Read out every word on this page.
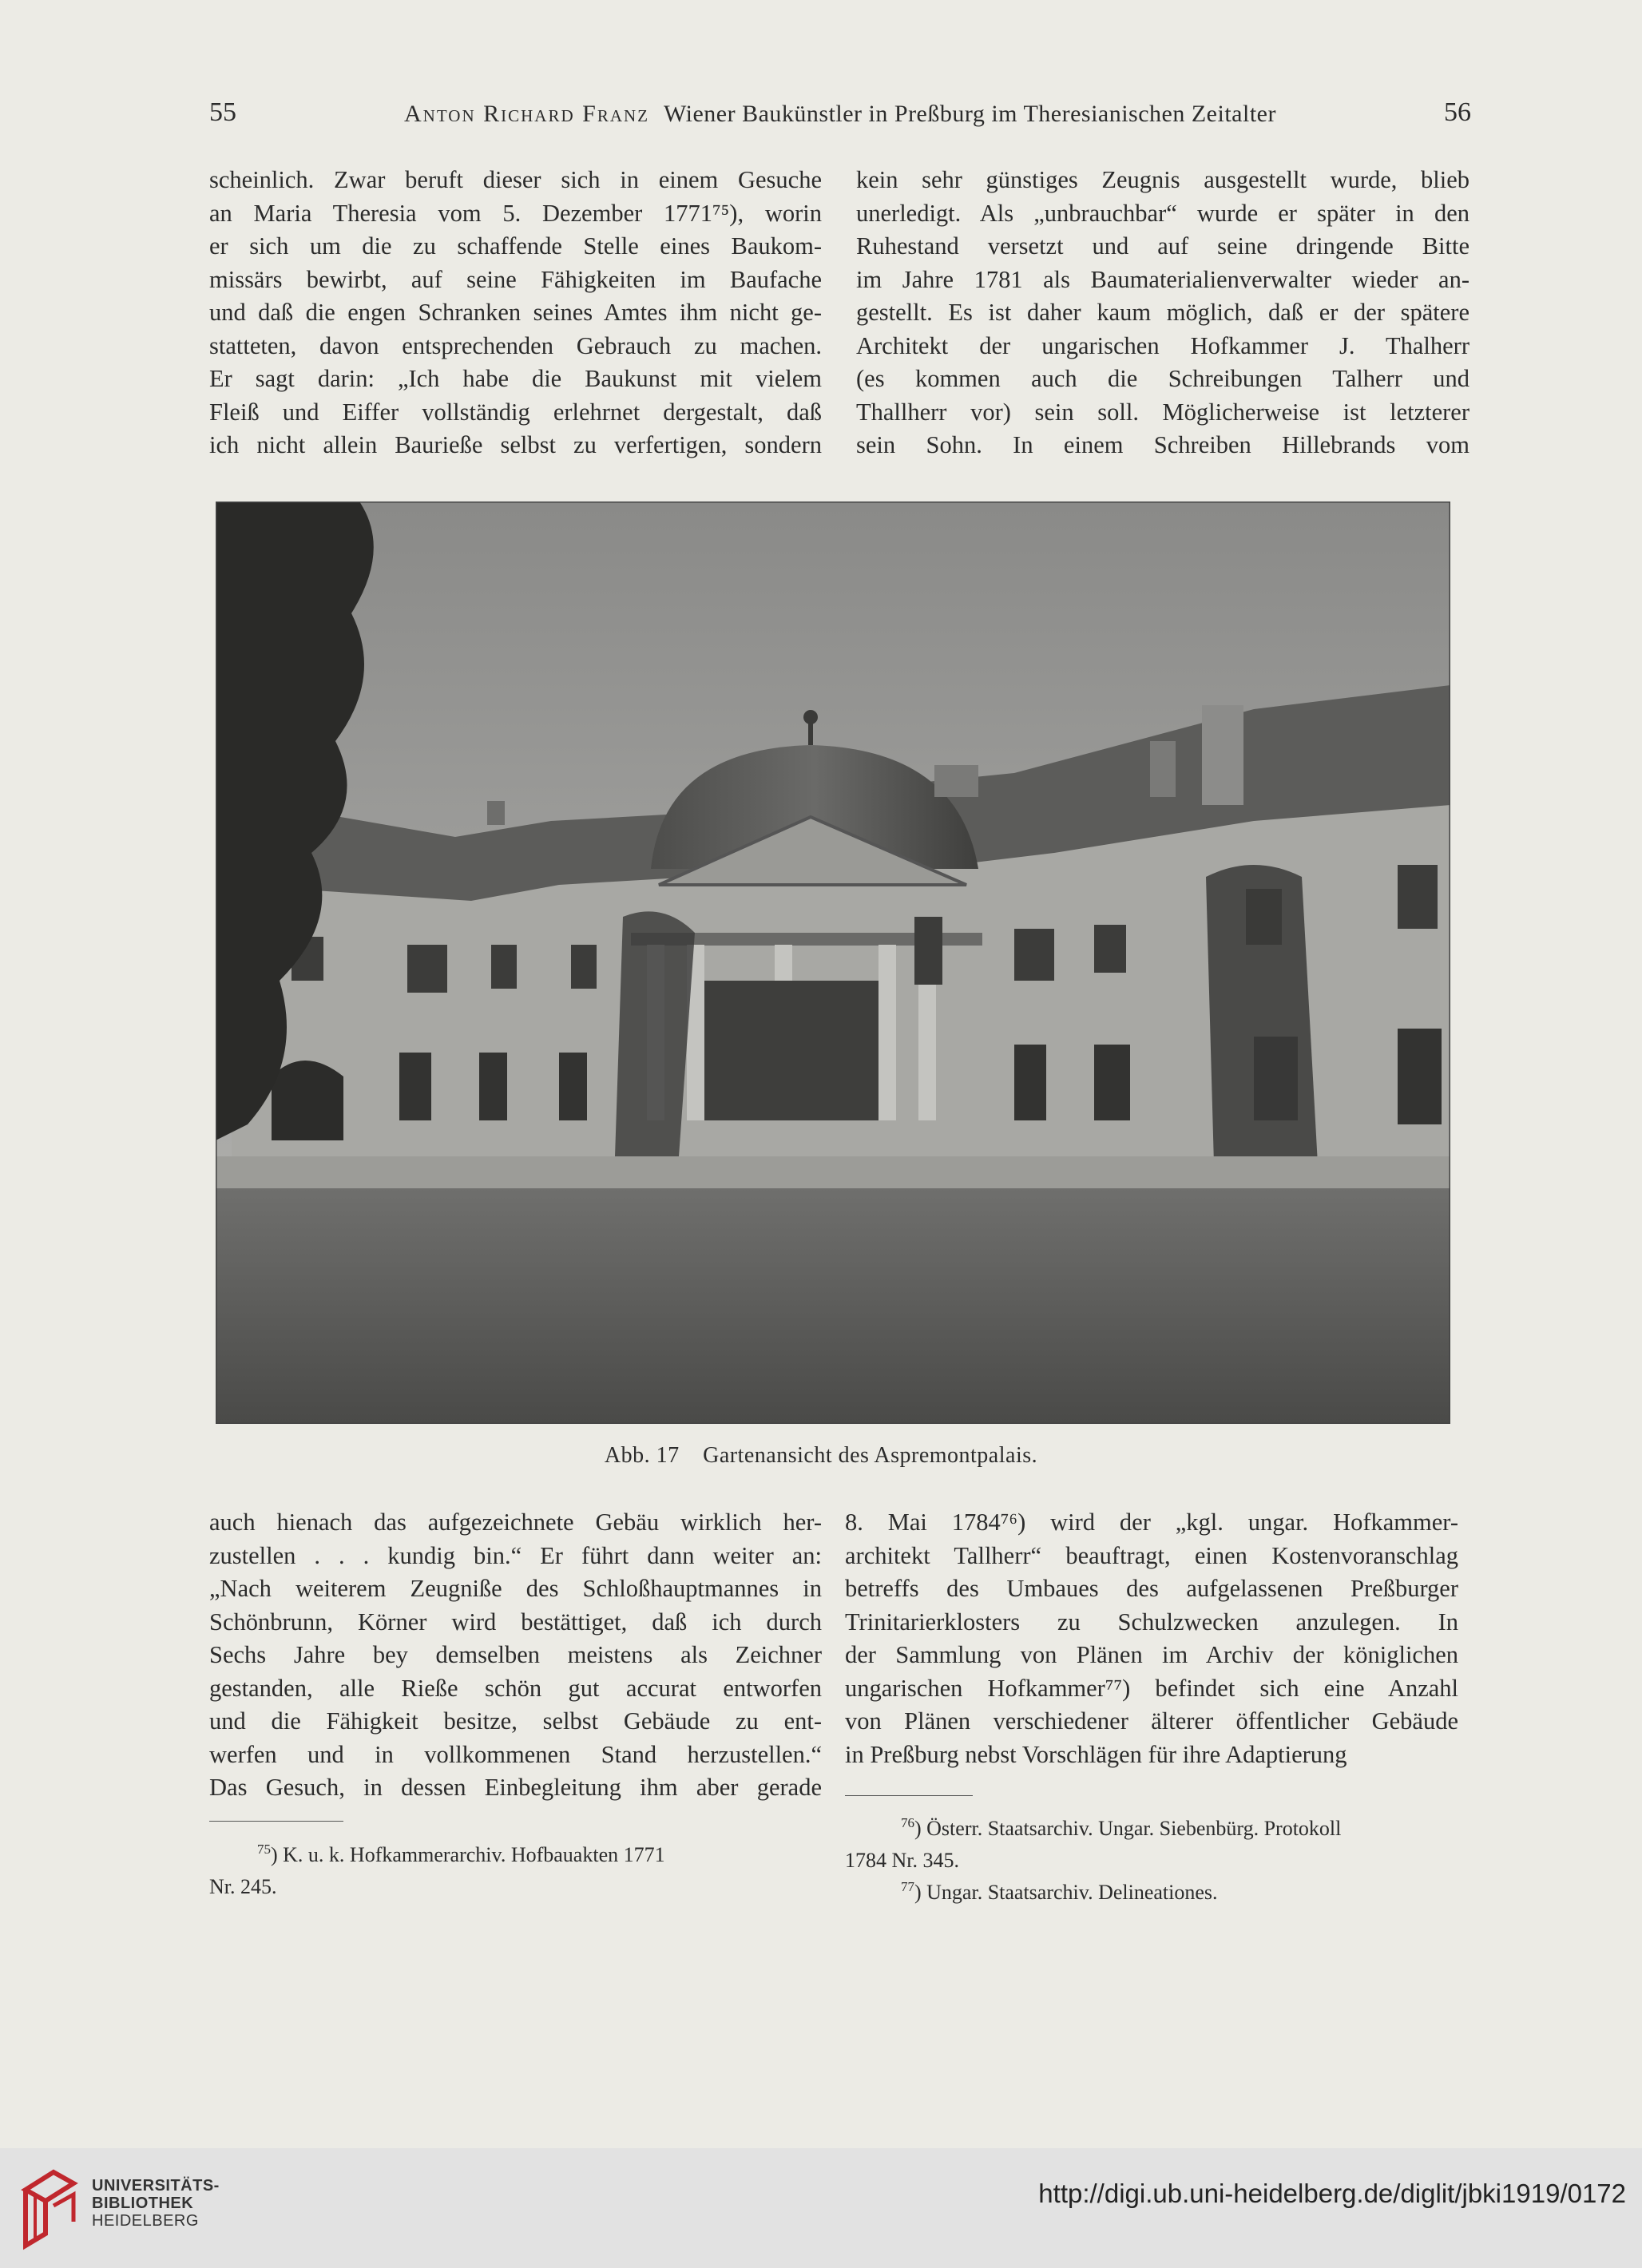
55	Anton Richard Franz Wiener Baukünstler in Preßburg im Theresianischen Zeitalter	56
scheinlich. Zwar beruft dieser sich in einem Gesuche
an Maria Theresia vom 5. Dezember 1771⁷⁵), worin
er sich um die zu schaffende Stelle eines Baukom-
missärs bewirbt, auf seine Fähigkeiten im Baufache
und daß die engen Schranken seines Amtes ihm nicht ge-
statteten, davon entsprechenden Gebrauch zu machen.
Er sagt darin: „Ich habe die Baukunst mit vielem
Fleiß und Eiffer vollständig erlehrnet dergestalt, daß
ich nicht allein Baurieße selbst zu verfertigen, sondern
kein sehr günstiges Zeugnis ausgestellt wurde, blieb
unerledigt. Als „unbrauchbar“ wurde er später in den
Ruhestand versetzt und auf seine dringende Bitte
im Jahre 1781 als Baumaterialienverwalter wieder an-
gestellt. Es ist daher kaum möglich, daß er der spätere
Architekt der ungarischen Hofkammer J. Thalherr
(es kommen auch die Schreibungen Talherr und
Thallherr vor) sein soll. Möglicherweise ist letzterer
sein Sohn. In einem Schreiben Hillebrands vom
Abb. 17 Gartenansicht des Aspremontpalais.
auch hienach das aufgezeichnete Gebäu wirklich her-
zustellen . . . kundig bin.“ Er führt dann weiter an:
„Nach weiterem Zeugniße des Schloßhauptmannes in
Schönbrunn, Körner wird bestättiget, daß ich durch
Sechs Jahre bey demselben meistens als Zeichner
gestanden, alle Rieße schön gut accurat entworfen
und die Fähigkeit besitze, selbst Gebäude zu ent-
werfen und in vollkommenen Stand herzustellen.“
Das Gesuch, in dessen Einbegleitung ihm aber gerade
8. Mai 1784⁷⁶) wird der „kgl. ungar. Hofkammer-
architekt Tallherr“ beauftragt, einen Kostenvoranschlag
betreffs des Umbaues des aufgelassenen Preßburger
Trinitarierklosters zu Schulzwecken anzulegen. In
der Sammlung von Plänen im Archiv der königlichen
ungarischen Hofkammer⁷⁷) befindet sich eine Anzahl
von Plänen verschiedener älterer öffentlicher Gebäude
in Preßburg nebst Vorschlägen für ihre Adaptierung
$^{75}$) K. u. k. Hofkammerarchiv. Hofbauakten 1771
Nr. 245.
$^{76}$) Österr. Staatsarchiv. Ungar. Siebenbürg. Protokoll
1784 Nr. 345.
$^{77}$) Ungar. Staatsarchiv. Delineationes.
UNIVERSITÄTS-
BIBLIOTHEK
HEIDELBERG
http://digi.ub.uni-heidelberg.de/diglit/jbki1919/0172
